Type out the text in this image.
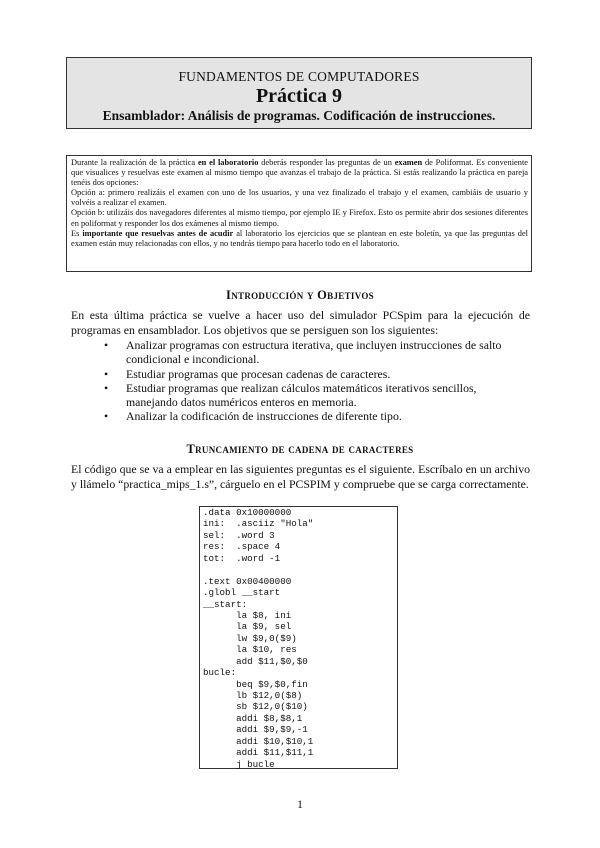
FUNDAMENTOS DE COMPUTADORES
Práctica 9
Ensamblador: Análisis de programas. Codificación de instrucciones.

Durante la realización de la práctica en el laboratorio deberás responder las preguntas de un examen de Poliformat. Es conveniente que visualices y resuelvas este examen al mismo tiempo que avanzas el trabajo de la práctica. Si estás realizando la práctica en pareja tenéis dos opciones:

Opción a: primero realizáis el examen con uno de los usuarios, y una vez finalizado el trabajo y el examen, cambiáis de usuario y volvéis a realizar el examen.

Opción b: utilizáis dos navegadores diferentes al mismo tiempo, por ejemplo IE y Firefox. Esto os permite abrir dos sesiones diferentes en poliformat y responder los dos exámenes al mismo tiempo.

Es importante que resuelvas antes de acudir al laboratorio los ejercicios que se plantean en este boletín, ya que las preguntas del examen están muy relacionadas con ellos, y no tendrás tiempo para hacerlo todo en el laboratorio.

Introducción y Objetivos

En esta última práctica se vuelve a hacer uso del simulador PCSpim para la ejecución de programas en ensamblador. Los objetivos que se persiguen son los siguientes:

• Analizar programas con estructura iterativa, que incluyen instrucciones de salto condicional e incondicional.
• Estudiar programas que procesan cadenas de caracteres.
• Estudiar programas que realizan cálculos matemáticos iterativos sencillos, manejando datos numéricos enteros en memoria.
• Analizar la codificación de instrucciones de diferente tipo.
Truncamiento de cadena de caracteres

El código que se va a emplear en las siguientes preguntas es el siguiente. Escríbalo en un archivo y llámelo “practica_mips_1.s”, cárguelo en el PCSPIM y compruebe que se carga correctamente.

.data 0x10000000
ini:  .asciiz "Hola"
sel:  .word 3
res:  .space 4
tot:  .word -1
.text 0x00400000
.globl __start
__start:
la $8, ini
la $9, sel
lw $9,0($9)
la $10, res
add $11,$0,$0
bucle:
beq $9,$0,fin
lb $12,0($8)
sb $12,0($10)
addi $8,$8,1
addi $9,$9,-1
addi $10,$10,1
addi $11,$11,1
j bucle
1
